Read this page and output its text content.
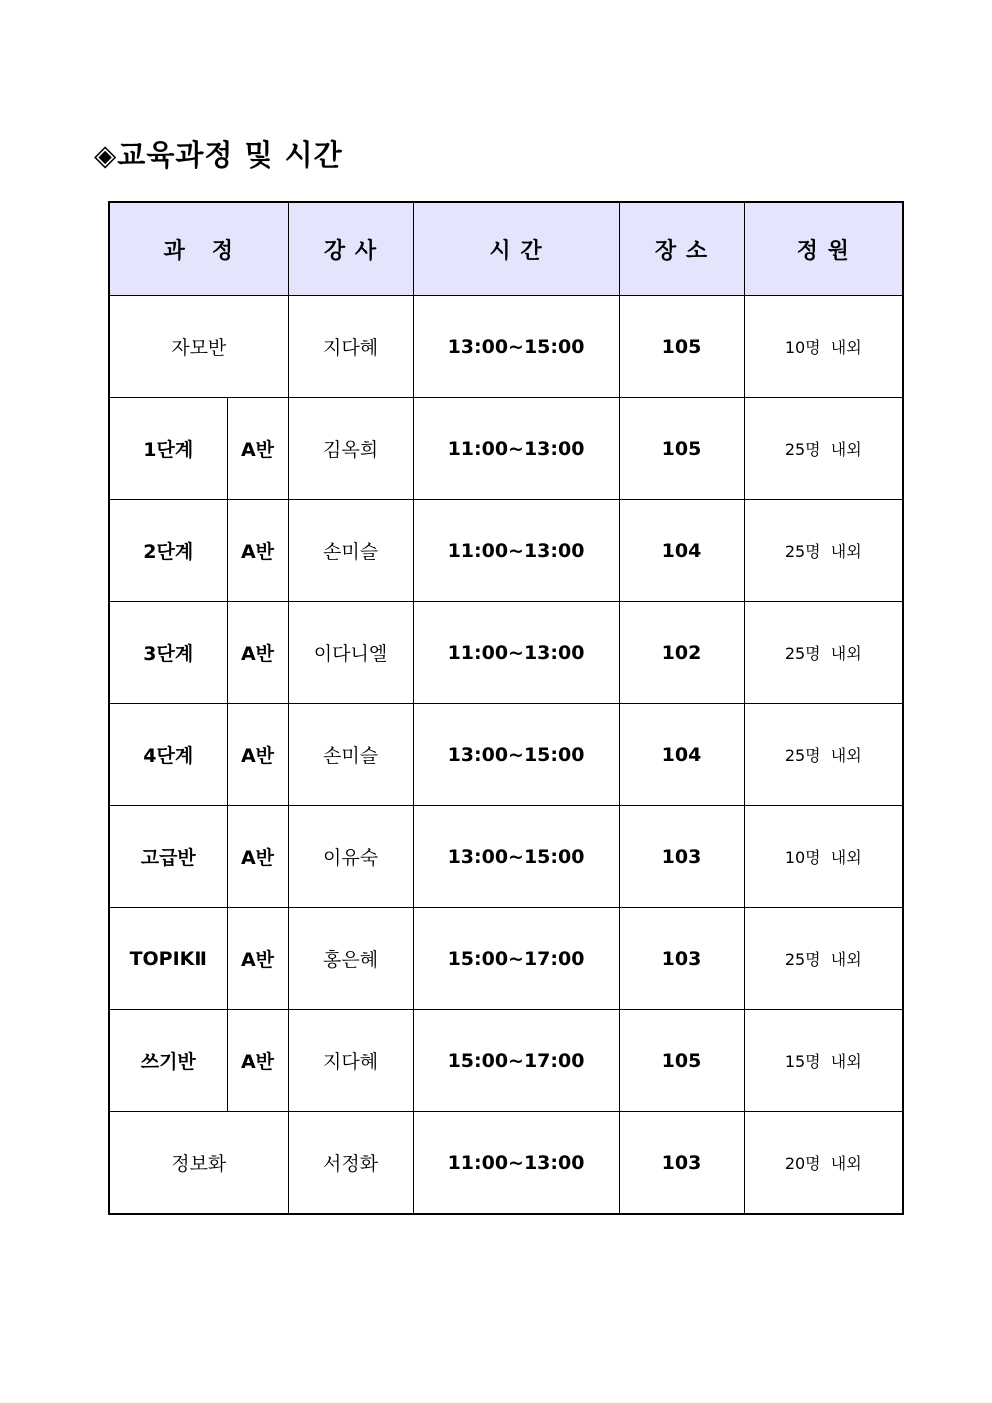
◈교육과정 및 시간
과   정		강 사	시 간	장 소	정 원
자모반		지다혜	13:00~15:00	105	10명  내외
1단계	A반	김옥희	11:00~13:00	105	25명  내외
2단계	A반	손미슬	11:00~13:00	104	25명  내외
3단계	A반	이다니엘	11:00~13:00	102	25명  내외
4단계	A반	손미슬	13:00~15:00	104	25명  내외
고급반	A반	이유숙	13:00~15:00	103	10명  내외
TOPIKⅡ	A반	홍은혜	15:00~17:00	103	25명  내외
쓰기반	A반	지다혜	15:00~17:00	105	15명  내외
정보화		서정화	11:00~13:00	103	20명  내외
